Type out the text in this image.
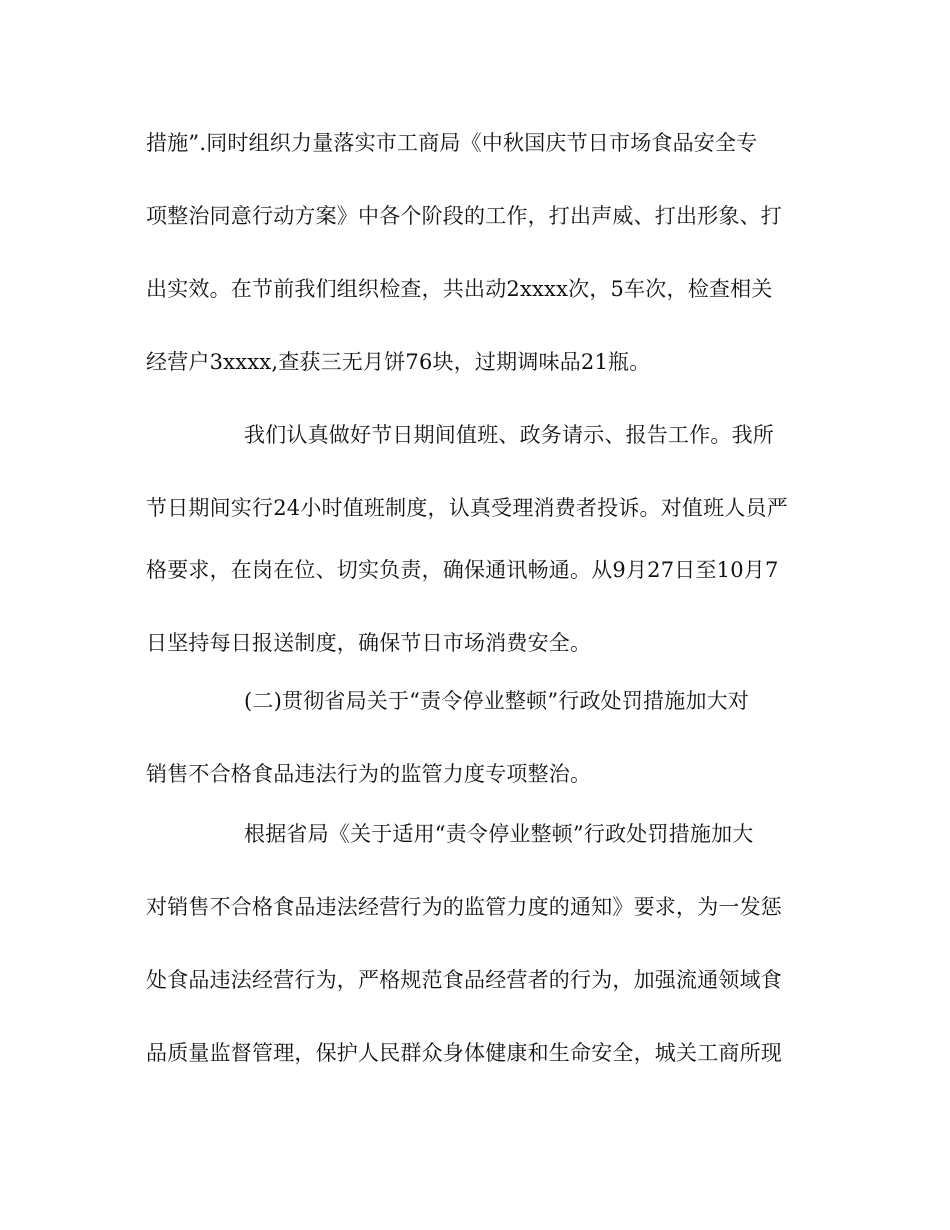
措施”.同时组织力量落实市工商局《中秋国庆节日市场食品安全专
项整治同意行动方案》中各个阶段的工作，打出声威、打出形象、打
出实效。在节前我们组织检查，共出动2xxxx次，5车次，检查相关
经营户3xxxx,查获三无月饼76块，过期调味品21瓶。
我们认真做好节日期间值班、政务请示、报告工作。我所
节日期间实行24小时值班制度，认真受理消费者投诉。对值班人员严
格要求，在岗在位、切实负责，确保通讯畅通。从9月27日至10月7
日坚持每日报送制度，确保节日市场消费安全。
(二)贯彻省局关于“责令停业整顿”行政处罚措施加大对
销售不合格食品违法行为的监管力度专项整治。
根据省局《关于适用“责令停业整顿”行政处罚措施加大
对销售不合格食品违法经营行为的监管力度的通知》要求，为一发惩
处食品违法经营行为，严格规范食品经营者的行为，加强流通领域食
品质量监督管理，保护人民群众身体健康和生命安全，城关工商所现
